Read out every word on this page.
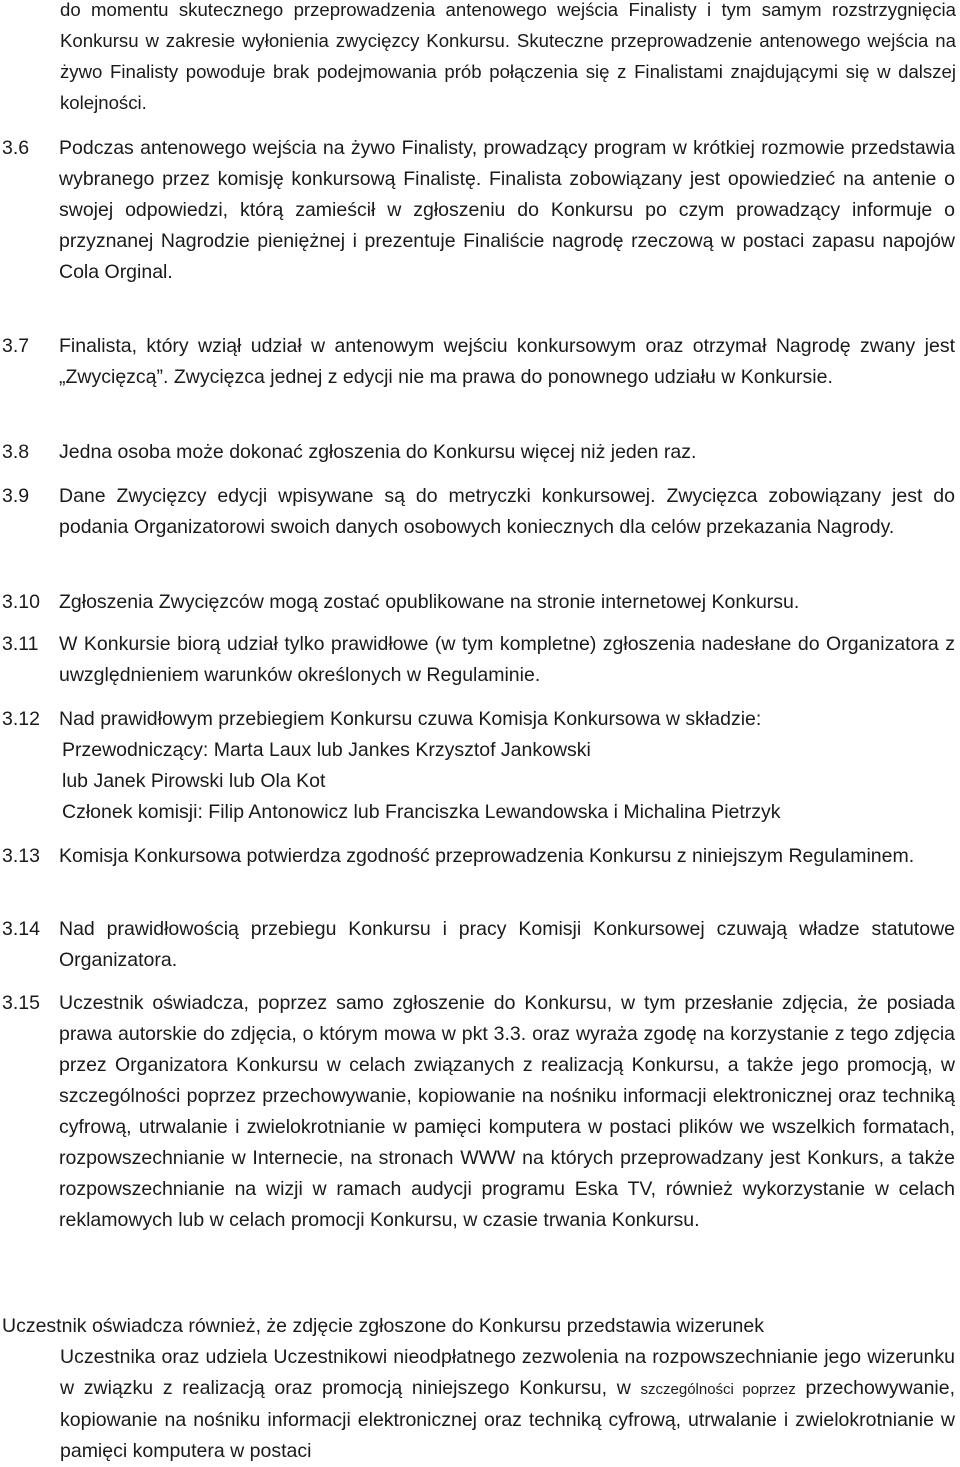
do momentu skutecznego przeprowadzenia antenowego wejścia Finalisty i tym samym rozstrzygnięcia Konkursu w zakresie wyłonienia zwycięzcy Konkursu. Skuteczne przeprowadzenie antenowego wejścia na żywo Finalisty powoduje brak podejmowania prób połączenia się z Finalistami znajdującymi się w dalszej kolejności.

3.6	Podczas antenowego wejścia na żywo Finalisty, prowadzący program w krótkiej rozmowie przedstawia wybranego przez komisję konkursową Finalistę. Finalista zobowiązany jest opowiedzieć na antenie o swojej odpowiedzi, którą zamieścił w zgłoszeniu do Konkursu po czym prowadzący informuje o przyznanej Nagrodzie pieniężnej i prezentuje Finaliście nagrodę rzeczową w postaci zapasu napojów Cola Orginal.
3.7	Finalista, który wziął udział w antenowym wejściu konkursowym oraz otrzymał Nagrodę zwany jest „Zwycięzcą”. Zwycięzca jednej z edycji nie ma prawa do ponownego udziału w Konkursie.
3.8	Jedna osoba może dokonać zgłoszenia do Konkursu więcej niż jeden raz.
3.9	Dane Zwycięzcy edycji wpisywane są do metryczki konkursowej. Zwycięzca zobowiązany jest do podania Organizatorowi swoich danych osobowych koniecznych dla celów przekazania Nagrody.
3.10 Zgłoszenia Zwycięzców mogą zostać opublikowane na stronie internetowej Konkursu.
3.11	W Konkursie biorą udział tylko prawidłowe (w tym kompletne) zgłoszenia nadesłane do Organizatora z uwzględnieniem warunków określonych w Regulaminie.
3.12 Nad prawidłowym przebiegiem Konkursu czuwa Komisja Konkursowa w składzie:
Przewodniczący: Marta Laux lub Jankes Krzysztof Jankowski
lub Janek Pirowski lub Ola Kot
Członek komisji: Filip Antonowicz lub Franciszka Lewandowska i Michalina Pietrzyk
3.13 Komisja Konkursowa potwierdza zgodność przeprowadzenia Konkursu z niniejszym Regulaminem.
3.14 Nad prawidłowością przebiegu Konkursu i pracy Komisji Konkursowej czuwają władze statutowe Organizatora.
3.15 Uczestnik oświadcza, poprzez samo zgłoszenie do Konkursu, w tym przesłanie zdjęcia, że posiada prawa autorskie do zdjęcia, o którym mowa w pkt 3.3. oraz wyraża zgodę na korzystanie z tego zdjęcia przez Organizatora Konkursu w celach związanych z realizacją Konkursu, a także jego promocją, w szczególności poprzez przechowywanie, kopiowanie na nośniku informacji elektronicznej oraz techniką cyfrową, utrwalanie i zwielokrotnianie w pamięci komputera w postaci plików we wszelkich formatach, rozpowszechnianie w Internecie, na stronach WWW na których przeprowadzany jest Konkurs, a także rozpowszechnianie na wizji w ramach audycji programu Eska TV, również wykorzystanie w celach reklamowych lub w celach promocji Konkursu, w czasie trwania Konkursu.
Uczestnik oświadcza również, że zdjęcie zgłoszone do Konkursu przedstawia wizerunek
Uczestnika oraz udziela Uczestnikowi nieodpłatnego zezwolenia na rozpowszechnianie jego wizerunku w związku z realizacją oraz promocją niniejszego Konkursu, w szczególności poprzez przechowywanie, kopiowanie na nośniku informacji elektronicznej oraz techniką cyfrową, utrwalanie i zwielokrotnianie w pamięci komputera w postaci
